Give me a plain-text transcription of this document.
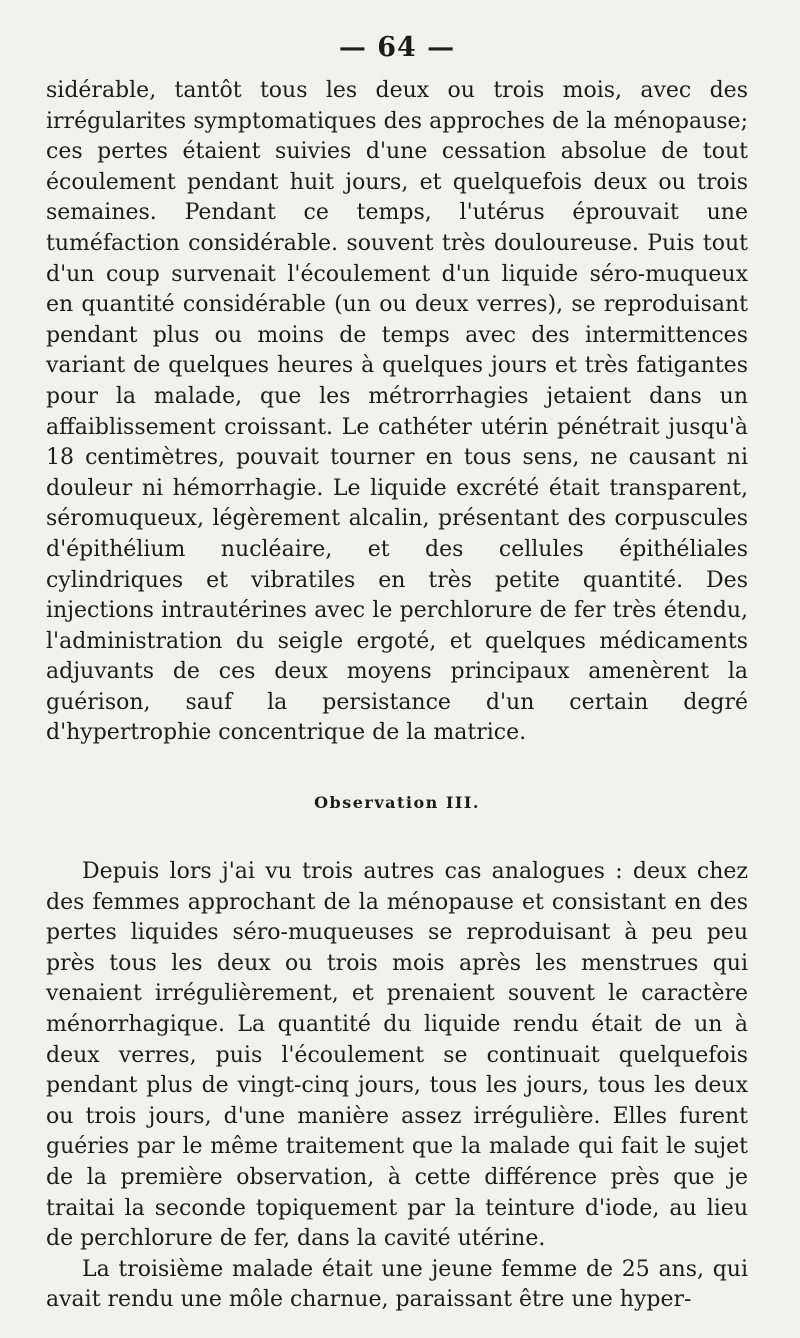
— 64 —

sidérable, tantôt tous les deux ou trois mois, avec des irrégularites symptomatiques des approches de la ménopause; ces pertes étaient suivies d'une cessation absolue de tout écoulement pendant huit jours, et quelquefois deux ou trois semaines. Pendant ce temps, l'utérus éprouvait une tuméfaction considérable. souvent très douloureuse. Puis tout d'un coup survenait l'écoulement d'un liquide séro-muqueux en quantité considérable (un ou deux verres), se reproduisant pendant plus ou moins de temps avec des intermittences variant de quelques heures à quelques jours et très fatigantes pour la malade, que les métrorrhagies jetaient dans un affaiblissement croissant. Le cathéter utérin pénétrait jusqu'à 18 centimètres, pouvait tourner en tous sens, ne causant ni douleur ni hémorrhagie. Le liquide excrété était transparent, séromuqueux, légèrement alcalin, présentant des corpuscules d'épithélium nucléaire, et des cellules épithéliales cylindriques et vibratiles en très petite quantité. Des injections intrautérines avec le perchlorure de fer très étendu, l'administration du seigle ergoté, et quelques médicaments adjuvants de ces deux moyens principaux amenèrent la guérison, sauf la persistance d'un certain degré d'hypertrophie concentrique de la matrice.

Observation III.

Depuis lors j'ai vu trois autres cas analogues : deux chez des femmes approchant de la ménopause et consistant en des pertes liquides séro-muqueuses se reproduisant à peu peu près tous les deux ou trois mois après les menstrues qui venaient irrégulièrement, et prenaient souvent le caractère ménorrhagique. La quantité du liquide rendu était de un à deux verres, puis l'écoulement se continuait quelquefois pendant plus de vingt-cinq jours, tous les jours, tous les deux ou trois jours, d'une manière assez irrégulière. Elles furent guéries par le même traitement que la malade qui fait le sujet de la première observation, à cette différence près que je traitai la seconde topiquement par la teinture d'iode, au lieu de perchlorure de fer, dans la cavité utérine.

La troisième malade était une jeune femme de 25 ans, qui avait rendu une môle charnue, paraissant être une hyper-
